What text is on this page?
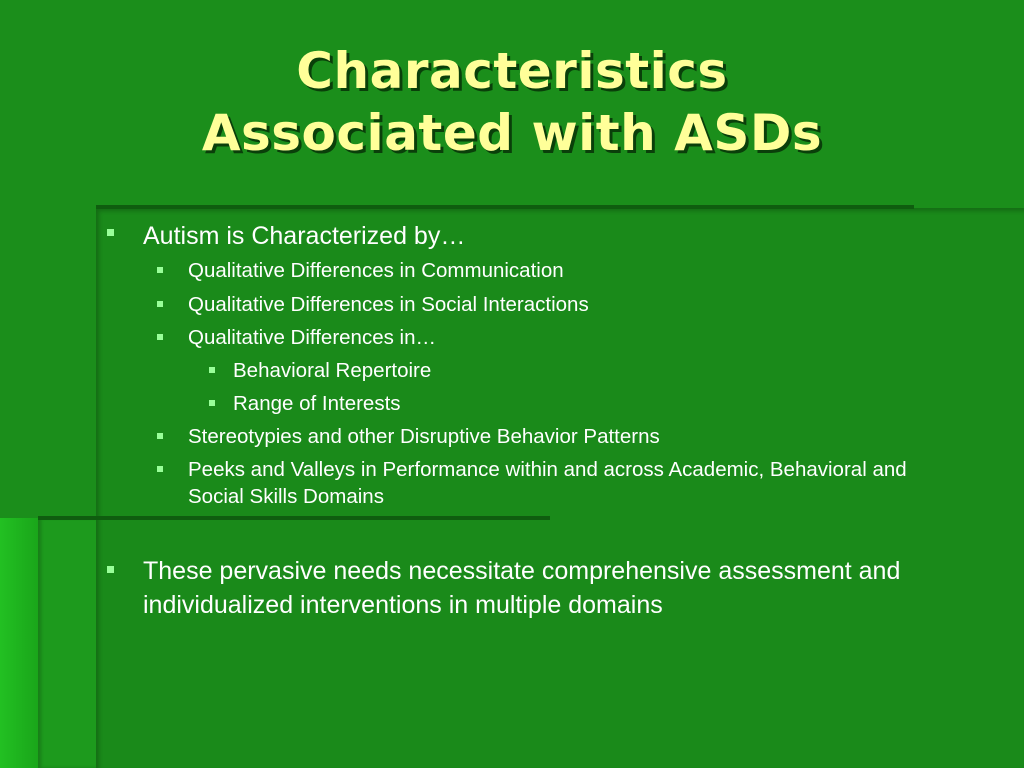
Characteristics
Associated with ASDs

Autism is Characterized by…

Qualitative Differences in Communication

Qualitative Differences in Social Interactions

Qualitative Differences in…

Behavioral Repertoire

Range of Interests

Stereotypies and other Disruptive Behavior Patterns

Peeks and Valleys in Performance within and across Academic, Behavioral and Social Skills Domains

These pervasive needs necessitate comprehensive assessment and individualized interventions in multiple domains
